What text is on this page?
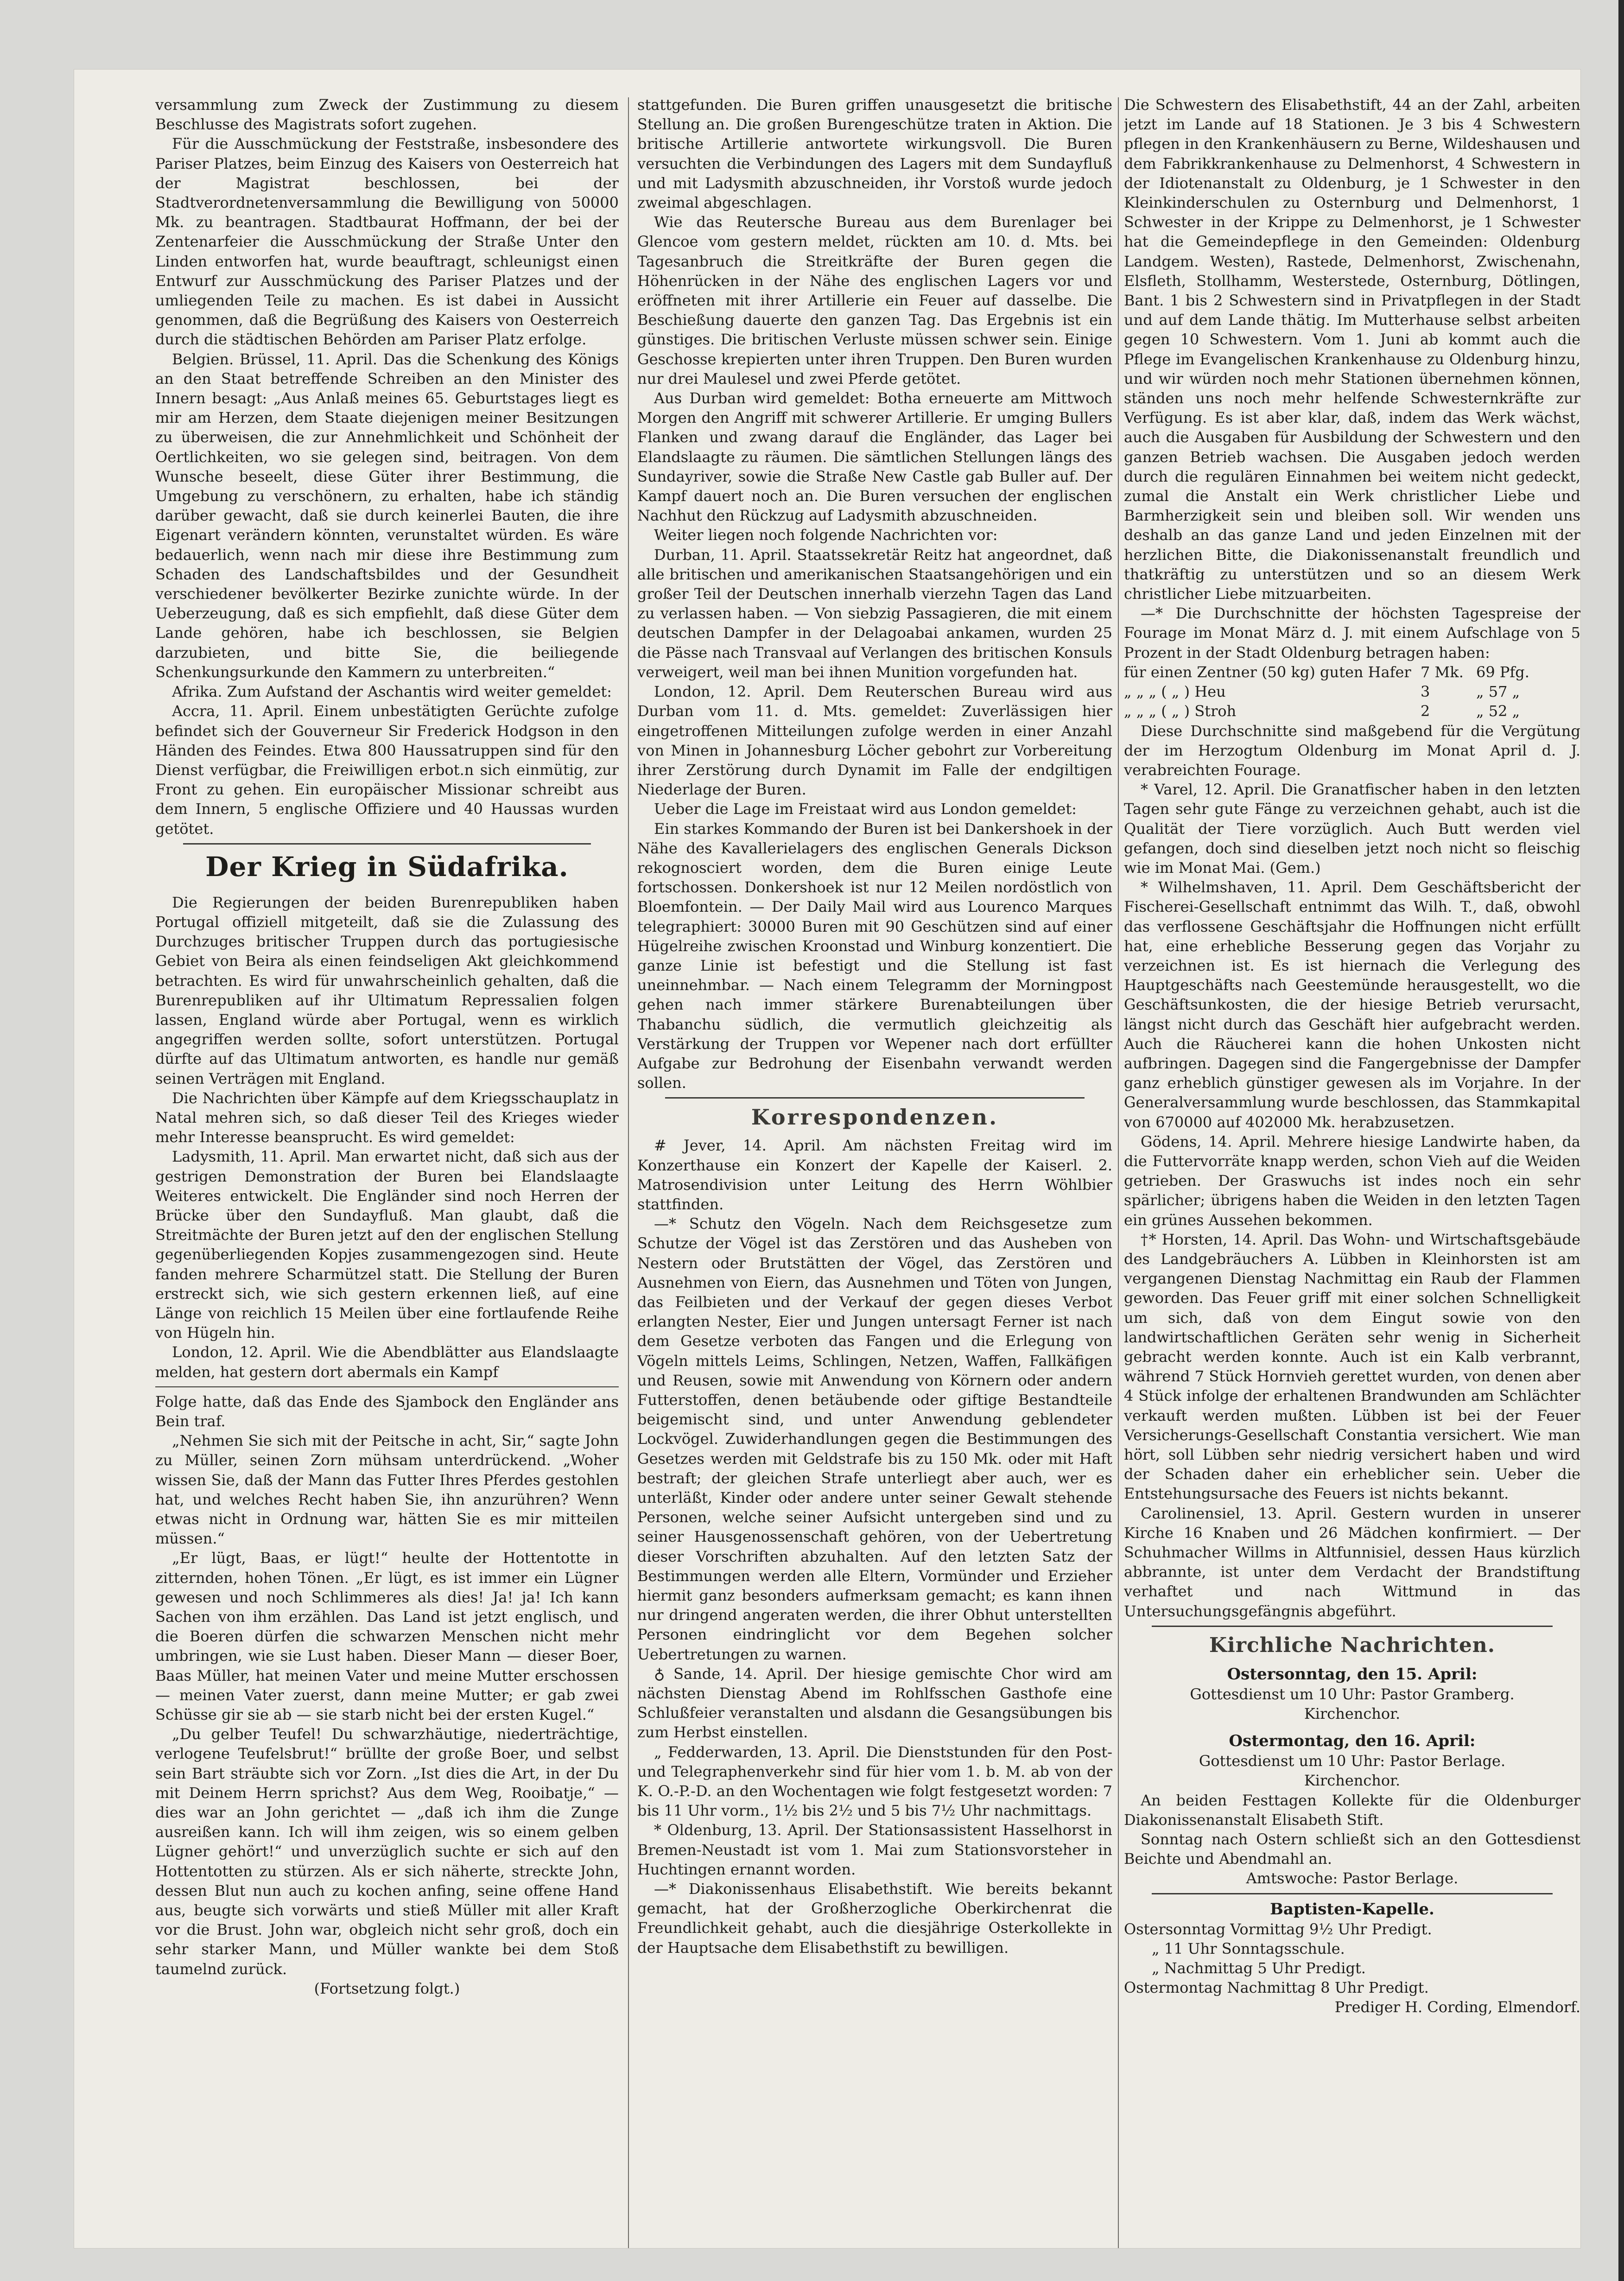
versammlung zum Zweck der Zustimmung zu diesem Beschlusse des Magistrats sofort zugehen.

Für die Ausschmückung der Feststraße, insbesondere des Pariser Platzes, beim Einzug des Kaisers von Oesterreich hat der Magistrat beschlossen, bei der Stadtverordnetenversammlung die Bewilligung von 50000 Mk. zu beantragen. Stadtbaurat Hoffmann, der bei der Zentenarfeier die Ausschmückung der Straße Unter den Linden entworfen hat, wurde beauftragt, schleunigst einen Entwurf zur Ausschmückung des Pariser Platzes und der umliegenden Teile zu machen. Es ist dabei in Aussicht genommen, daß die Begrüßung des Kaisers von Oesterreich durch die städtischen Behörden am Pariser Platz erfolge.

Belgien. Brüssel, 11. April. Das die Schenkung des Königs an den Staat betreffende Schreiben an den Minister des Innern besagt: „Aus Anlaß meines 65. Geburtstages liegt es mir am Herzen, dem Staate diejenigen meiner Besitzungen zu überweisen, die zur Annehmlichkeit und Schönheit der Oertlichkeiten, wo sie gelegen sind, beitragen. Von dem Wunsche beseelt, diese Güter ihrer Bestimmung, die Umgebung zu verschönern, zu erhalten, habe ich ständig darüber gewacht, daß sie durch keinerlei Bauten, die ihre Eigenart verändern könnten, verunstaltet würden. Es wäre bedauerlich, wenn nach mir diese ihre Bestimmung zum Schaden des Landschaftsbildes und der Gesundheit verschiedener bevölkerter Bezirke zunichte würde. In der Ueberzeugung, daß es sich empfiehlt, daß diese Güter dem Lande gehören, habe ich beschlossen, sie Belgien darzubieten, und bitte Sie, die beiliegende Schenkungsurkunde den Kammern zu unterbreiten.“

Afrika. Zum Aufstand der Aschantis wird weiter gemeldet:

Accra, 11. April. Einem unbestätigten Gerüchte zufolge befindet sich der Gouverneur Sir Frederick Hodgson in den Händen des Feindes. Etwa 800 Haussatruppen sind für den Dienst verfügbar, die Freiwilligen erbot.n sich einmütig, zur Front zu gehen. Ein europäischer Missionar schreibt aus dem Innern, 5 englische Offiziere und 40 Haussas wurden getötet.

Der Krieg in Südafrika.

Die Regierungen der beiden Burenrepubliken haben Portugal offiziell mitgeteilt, daß sie die Zulassung des Durchzuges britischer Truppen durch das portugiesische Gebiet von Beira als einen feindseligen Akt gleichkommend betrachten. Es wird für unwahrscheinlich gehalten, daß die Burenrepubliken auf ihr Ultimatum Repressalien folgen lassen, England würde aber Portugal, wenn es wirklich angegriffen werden sollte, sofort unterstützen. Portugal dürfte auf das Ultimatum antworten, es handle nur gemäß seinen Verträgen mit England.

Die Nachrichten über Kämpfe auf dem Kriegsschauplatz in Natal mehren sich, so daß dieser Teil des Krieges wieder mehr Interesse beansprucht. Es wird gemeldet:

Ladysmith, 11. April. Man erwartet nicht, daß sich aus der gestrigen Demonstration der Buren bei Elandslaagte Weiteres entwickelt. Die Engländer sind noch Herren der Brücke über den Sundayfluß. Man glaubt, daß die Streitmächte der Buren jetzt auf den der englischen Stellung gegenüberliegenden Kopjes zusammengezogen sind. Heute fanden mehrere Scharmützel statt. Die Stellung der Buren erstreckt sich, wie sich gestern erkennen ließ, auf eine Länge von reichlich 15 Meilen über eine fortlaufende Reihe von Hügeln hin.

London, 12. April. Wie die Abendblätter aus Elandslaagte melden, hat gestern dort abermals ein Kampf

Folge hatte, daß das Ende des Sjambock den Engländer ans Bein traf.

„Nehmen Sie sich mit der Peitsche in acht, Sir,“ sagte John zu Müller, seinen Zorn mühsam unterdrückend. „Woher wissen Sie, daß der Mann das Futter Ihres Pferdes gestohlen hat, und welches Recht haben Sie, ihn anzurühren? Wenn etwas nicht in Ordnung war, hätten Sie es mir mitteilen müssen.“

„Er lügt, Baas, er lügt!“ heulte der Hottentotte in zitternden, hohen Tönen. „Er lügt, es ist immer ein Lügner gewesen und noch Schlimmeres als dies! Ja! ja! Ich kann Sachen von ihm erzählen. Das Land ist jetzt englisch, und die Boeren dürfen die schwarzen Menschen nicht mehr umbringen, wie sie Lust haben. Dieser Mann — dieser Boer, Baas Müller, hat meinen Vater und meine Mutter erschossen — meinen Vater zuerst, dann meine Mutter; er gab zwei Schüsse gir sie ab — sie starb nicht bei der ersten Kugel.“

„Du gelber Teufel! Du schwarzhäutige, niederträchtige, verlogene Teufelsbrut!“ brüllte der große Boer, und selbst sein Bart sträubte sich vor Zorn. „Ist dies die Art, in der Du mit Deinem Herrn sprichst? Aus dem Weg, Rooibatje,“ — dies war an John gerichtet — „daß ich ihm die Zunge ausreißen kann. Ich will ihm zeigen, wis so einem gelben Lügner gehört!“ und unverzüglich suchte er sich auf den Hottentotten zu stürzen. Als er sich näherte, streckte John, dessen Blut nun auch zu kochen anfing, seine offene Hand aus, beugte sich vorwärts und stieß Müller mit aller Kraft vor die Brust. John war, obgleich nicht sehr groß, doch ein sehr starker Mann, und Müller wankte bei dem Stoß taumelnd zurück.

(Fortsetzung folgt.)

stattgefunden. Die Buren griffen unausgesetzt die britische Stellung an. Die großen Burengeschütze traten in Aktion. Die britische Artillerie antwortete wirkungsvoll. Die Buren versuchten die Verbindungen des Lagers mit dem Sundayfluß und mit Ladysmith abzuschneiden, ihr Vorstoß wurde jedoch zweimal abgeschlagen.

Wie das Reutersche Bureau aus dem Burenlager bei Glencoe vom gestern meldet, rückten am 10. d. Mts. bei Tagesanbruch die Streitkräfte der Buren gegen die Höhenrücken in der Nähe des englischen Lagers vor und eröffneten mit ihrer Artillerie ein Feuer auf dasselbe. Die Beschießung dauerte den ganzen Tag. Das Ergebnis ist ein günstiges. Die britischen Verluste müssen schwer sein. Einige Geschosse krepierten unter ihren Truppen. Den Buren wurden nur drei Maulesel und zwei Pferde getötet.

Aus Durban wird gemeldet: Botha erneuerte am Mittwoch Morgen den Angriff mit schwerer Artillerie. Er umging Bullers Flanken und zwang darauf die Engländer, das Lager bei Elandslaagte zu räumen. Die sämtlichen Stellungen längs des Sundayriver, sowie die Straße New Castle gab Buller auf. Der Kampf dauert noch an. Die Buren versuchen der englischen Nachhut den Rückzug auf Ladysmith abzuschneiden.

Weiter liegen noch folgende Nachrichten vor:

Durban, 11. April. Staatssekretär Reitz hat angeordnet, daß alle britischen und amerikanischen Staatsangehörigen und ein großer Teil der Deutschen innerhalb vierzehn Tagen das Land zu verlassen haben. — Von siebzig Passagieren, die mit einem deutschen Dampfer in der Delagoabai ankamen, wurden 25 die Pässe nach Transvaal auf Verlangen des britischen Konsuls verweigert, weil man bei ihnen Munition vorgefunden hat.

London, 12. April. Dem Reuterschen Bureau wird aus Durban vom 11. d. Mts. gemeldet: Zuverlässigen hier eingetroffenen Mitteilungen zufolge werden in einer Anzahl von Minen in Johannesburg Löcher gebohrt zur Vorbereitung ihrer Zerstörung durch Dynamit im Falle der endgiltigen Niederlage der Buren.

Ueber die Lage im Freistaat wird aus London gemeldet:

Ein starkes Kommando der Buren ist bei Dankershoek in der Nähe des Kavallerielagers des englischen Generals Dickson rekognosciert worden, dem die Buren einige Leute fortschossen. Donkershoek ist nur 12 Meilen nordöstlich von Bloemfontein. — Der Daily Mail wird aus Lourenco Marques telegraphiert: 30000 Buren mit 90 Geschützen sind auf einer Hügelreihe zwischen Kroonstad und Winburg konzentiert. Die ganze Linie ist befestigt und die Stellung ist fast uneinnehmbar. — Nach einem Telegramm der Morningpost gehen nach immer stärkere Burenabteilungen über Thabanchu südlich, die vermutlich gleichzeitig als Verstärkung der Truppen vor Wepener nach dort erfüllter Aufgabe zur Bedrohung der Eisenbahn verwandt werden sollen.

Korrespondenzen.

# Jever, 14. April. Am nächsten Freitag wird im Konzerthause ein Konzert der Kapelle der Kaiserl. 2. Matrosendivision unter Leitung des Herrn Wöhlbier stattfinden.

—* Schutz den Vögeln. Nach dem Reichsgesetze zum Schutze der Vögel ist das Zerstören und das Ausheben von Nestern oder Brutstätten der Vögel, das Zerstören und Ausnehmen von Eiern, das Ausnehmen und Töten von Jungen, das Feilbieten und der Verkauf der gegen dieses Verbot erlangten Nester, Eier und Jungen untersagt Ferner ist nach dem Gesetze verboten das Fangen und die Erlegung von Vögeln mittels Leims, Schlingen, Netzen, Waffen, Fallkäfigen und Reusen, sowie mit Anwendung von Körnern oder andern Futterstoffen, denen betäubende oder giftige Bestandteile beigemischt sind, und unter Anwendung geblendeter Lockvögel. Zuwiderhandlungen gegen die Bestimmungen des Gesetzes werden mit Geldstrafe bis zu 150 Mk. oder mit Haft bestraft; der gleichen Strafe unterliegt aber auch, wer es unterläßt, Kinder oder andere unter seiner Gewalt stehende Personen, welche seiner Aufsicht untergeben sind und zu seiner Hausgenossenschaft gehören, von der Uebertretung dieser Vorschriften abzuhalten. Auf den letzten Satz der Bestimmungen werden alle Eltern, Vormünder und Erzieher hiermit ganz besonders aufmerksam gemacht; es kann ihnen nur dringend angeraten werden, die ihrer Obhut unterstellten Personen eindringlicht vor dem Begehen solcher Uebertretungen zu warnen.

♁ Sande, 14. April. Der hiesige gemischte Chor wird am nächsten Dienstag Abend im Rohlfsschen Gasthofe eine Schlußfeier veranstalten und alsdann die Gesangsübungen bis zum Herbst einstellen.

„ Fedderwarden, 13. April. Die Dienststunden für den Post- und Telegraphenverkehr sind für hier vom 1. b. M. ab von der K. O.-P.-D. an den Wochentagen wie folgt festgesetzt worden: 7 bis 11 Uhr vorm., 1½ bis 2½ und 5 bis 7½ Uhr nachmittags.

* Oldenburg, 13. April. Der Stationsassistent Hasselhorst in Bremen-Neustadt ist vom 1. Mai zum Stationsvorsteher in Huchtingen ernannt worden.

—* Diakonissenhaus Elisabethstift. Wie bereits bekannt gemacht, hat der Großherzogliche Oberkirchenrat die Freundlichkeit gehabt, auch die diesjährige Osterkollekte in der Hauptsache dem Elisabethstift zu bewilligen.

Die Schwestern des Elisabethstift, 44 an der Zahl, arbeiten jetzt im Lande auf 18 Stationen. Je 3 bis 4 Schwestern pflegen in den Krankenhäusern zu Berne, Wildeshausen und dem Fabrikkrankenhause zu Delmenhorst, 4 Schwestern in der Idiotenanstalt zu Oldenburg, je 1 Schwester in den Kleinkinderschulen zu Osternburg und Delmenhorst, 1 Schwester in der Krippe zu Delmenhorst, je 1 Schwester hat die Gemeindepflege in den Gemeinden: Oldenburg Landgem. Westen), Rastede, Delmenhorst, Zwischenahn, Elsfleth, Stollhamm, Westerstede, Osternburg, Dötlingen, Bant. 1 bis 2 Schwestern sind in Privatpflegen in der Stadt und auf dem Lande thätig. Im Mutterhause selbst arbeiten gegen 10 Schwestern. Vom 1. Juni ab kommt auch die Pflege im Evangelischen Krankenhause zu Oldenburg hinzu, und wir würden noch mehr Stationen übernehmen können, ständen uns noch mehr helfende Schwesternkräfte zur Verfügung. Es ist aber klar, daß, indem das Werk wächst, auch die Ausgaben für Ausbildung der Schwestern und den ganzen Betrieb wachsen. Die Ausgaben jedoch werden durch die regulären Einnahmen bei weitem nicht gedeckt, zumal die Anstalt ein Werk christlicher Liebe und Barmherzigkeit sein und bleiben soll. Wir wenden uns deshalb an das ganze Land und jeden Einzelnen mit der herzlichen Bitte, die Diakonissenanstalt freundlich und thatkräftig zu unterstützen und so an diesem Werk christlicher Liebe mitzuarbeiten.

—* Die Durchschnitte der höchsten Tagespreise der Fourage im Monat März d. J. mit einem Aufschlage von 5 Prozent in der Stadt Oldenburg betragen haben:

für einen Zentner (50 kg) guten Hafer 7 Mk. 69 Pfg.
„ „ „ ( „ ) Heu	3	„ 57 „
„ „ „ ( „ ) Stroh	2	„ 52 „

Diese Durchschnitte sind maßgebend für die Vergütung der im Herzogtum Oldenburg im Monat April d. J. verabreichten Fourage.

* Varel, 12. April. Die Granatfischer haben in den letzten Tagen sehr gute Fänge zu verzeichnen gehabt, auch ist die Qualität der Tiere vorzüglich. Auch Butt werden viel gefangen, doch sind dieselben jetzt noch nicht so fleischig wie im Monat Mai. (Gem.)

* Wilhelmshaven, 11. April. Dem Geschäftsbericht der Fischerei-Gesellschaft entnimmt das Wilh. T., daß, obwohl das verflossene Geschäftsjahr die Hoffnungen nicht erfüllt hat, eine erhebliche Besserung gegen das Vorjahr zu verzeichnen ist. Es ist hiernach die Verlegung des Hauptgeschäfts nach Geestemünde herausgestellt, wo die Geschäftsunkosten, die der hiesige Betrieb verursacht, längst nicht durch das Geschäft hier aufgebracht werden. Auch die Räucherei kann die hohen Unkosten nicht aufbringen. Dagegen sind die Fangergebnisse der Dampfer ganz erheblich günstiger gewesen als im Vorjahre. In der Generalversammlung wurde beschlossen, das Stammkapital von 670000 auf 402000 Mk. herabzusetzen.

Gödens, 14. April. Mehrere hiesige Landwirte haben, da die Futtervorräte knapp werden, schon Vieh auf die Weiden getrieben. Der Graswuchs ist indes noch ein sehr spärlicher; übrigens haben die Weiden in den letzten Tagen ein grünes Aussehen bekommen.

†* Horsten, 14. April. Das Wohn- und Wirtschaftsgebäude des Landgebräuchers A. Lübben in Kleinhorsten ist am vergangenen Dienstag Nachmittag ein Raub der Flammen geworden. Das Feuer griff mit einer solchen Schnelligkeit um sich, daß von dem Eingut sowie von den landwirtschaftlichen Geräten sehr wenig in Sicherheit gebracht werden konnte. Auch ist ein Kalb verbrannt, während 7 Stück Hornvieh gerettet wurden, von denen aber 4 Stück infolge der erhaltenen Brandwunden am Schlächter verkauft werden mußten. Lübben ist bei der Feuer Versicherungs-Gesellschaft Constantia versichert. Wie man hört, soll Lübben sehr niedrig versichert haben und wird der Schaden daher ein erheblicher sein. Ueber die Entstehungsursache des Feuers ist nichts bekannt.

Carolinensiel, 13. April. Gestern wurden in unserer Kirche 16 Knaben und 26 Mädchen konfirmiert. — Der Schuhmacher Willms in Altfunnisiel, dessen Haus kürzlich abbrannte, ist unter dem Verdacht der Brandstiftung verhaftet und nach Wittmund in das Untersuchungsgefängnis abgeführt.

Kirchliche Nachrichten.
Ostersonntag, den 15. April:

Gottesdienst um 10 Uhr: Pastor Gramberg.

Kirchenchor.

Ostermontag, den 16. April:

Gottesdienst um 10 Uhr: Pastor Berlage.

Kirchenchor.

An beiden Festtagen Kollekte für die Oldenburger Diakonissenanstalt Elisabeth Stift.

Sonntag nach Ostern schließt sich an den Gottesdienst Beichte und Abendmahl an.

Amtswoche: Pastor Berlage.

Baptisten-Kapelle.

Ostersonntag Vormittag 9½ Uhr Predigt.

„ 11 Uhr Sonntagsschule.

„ Nachmittag 5 Uhr Predigt.

Ostermontag Nachmittag 8 Uhr Predigt.

Prediger H. Cording, Elmendorf.
